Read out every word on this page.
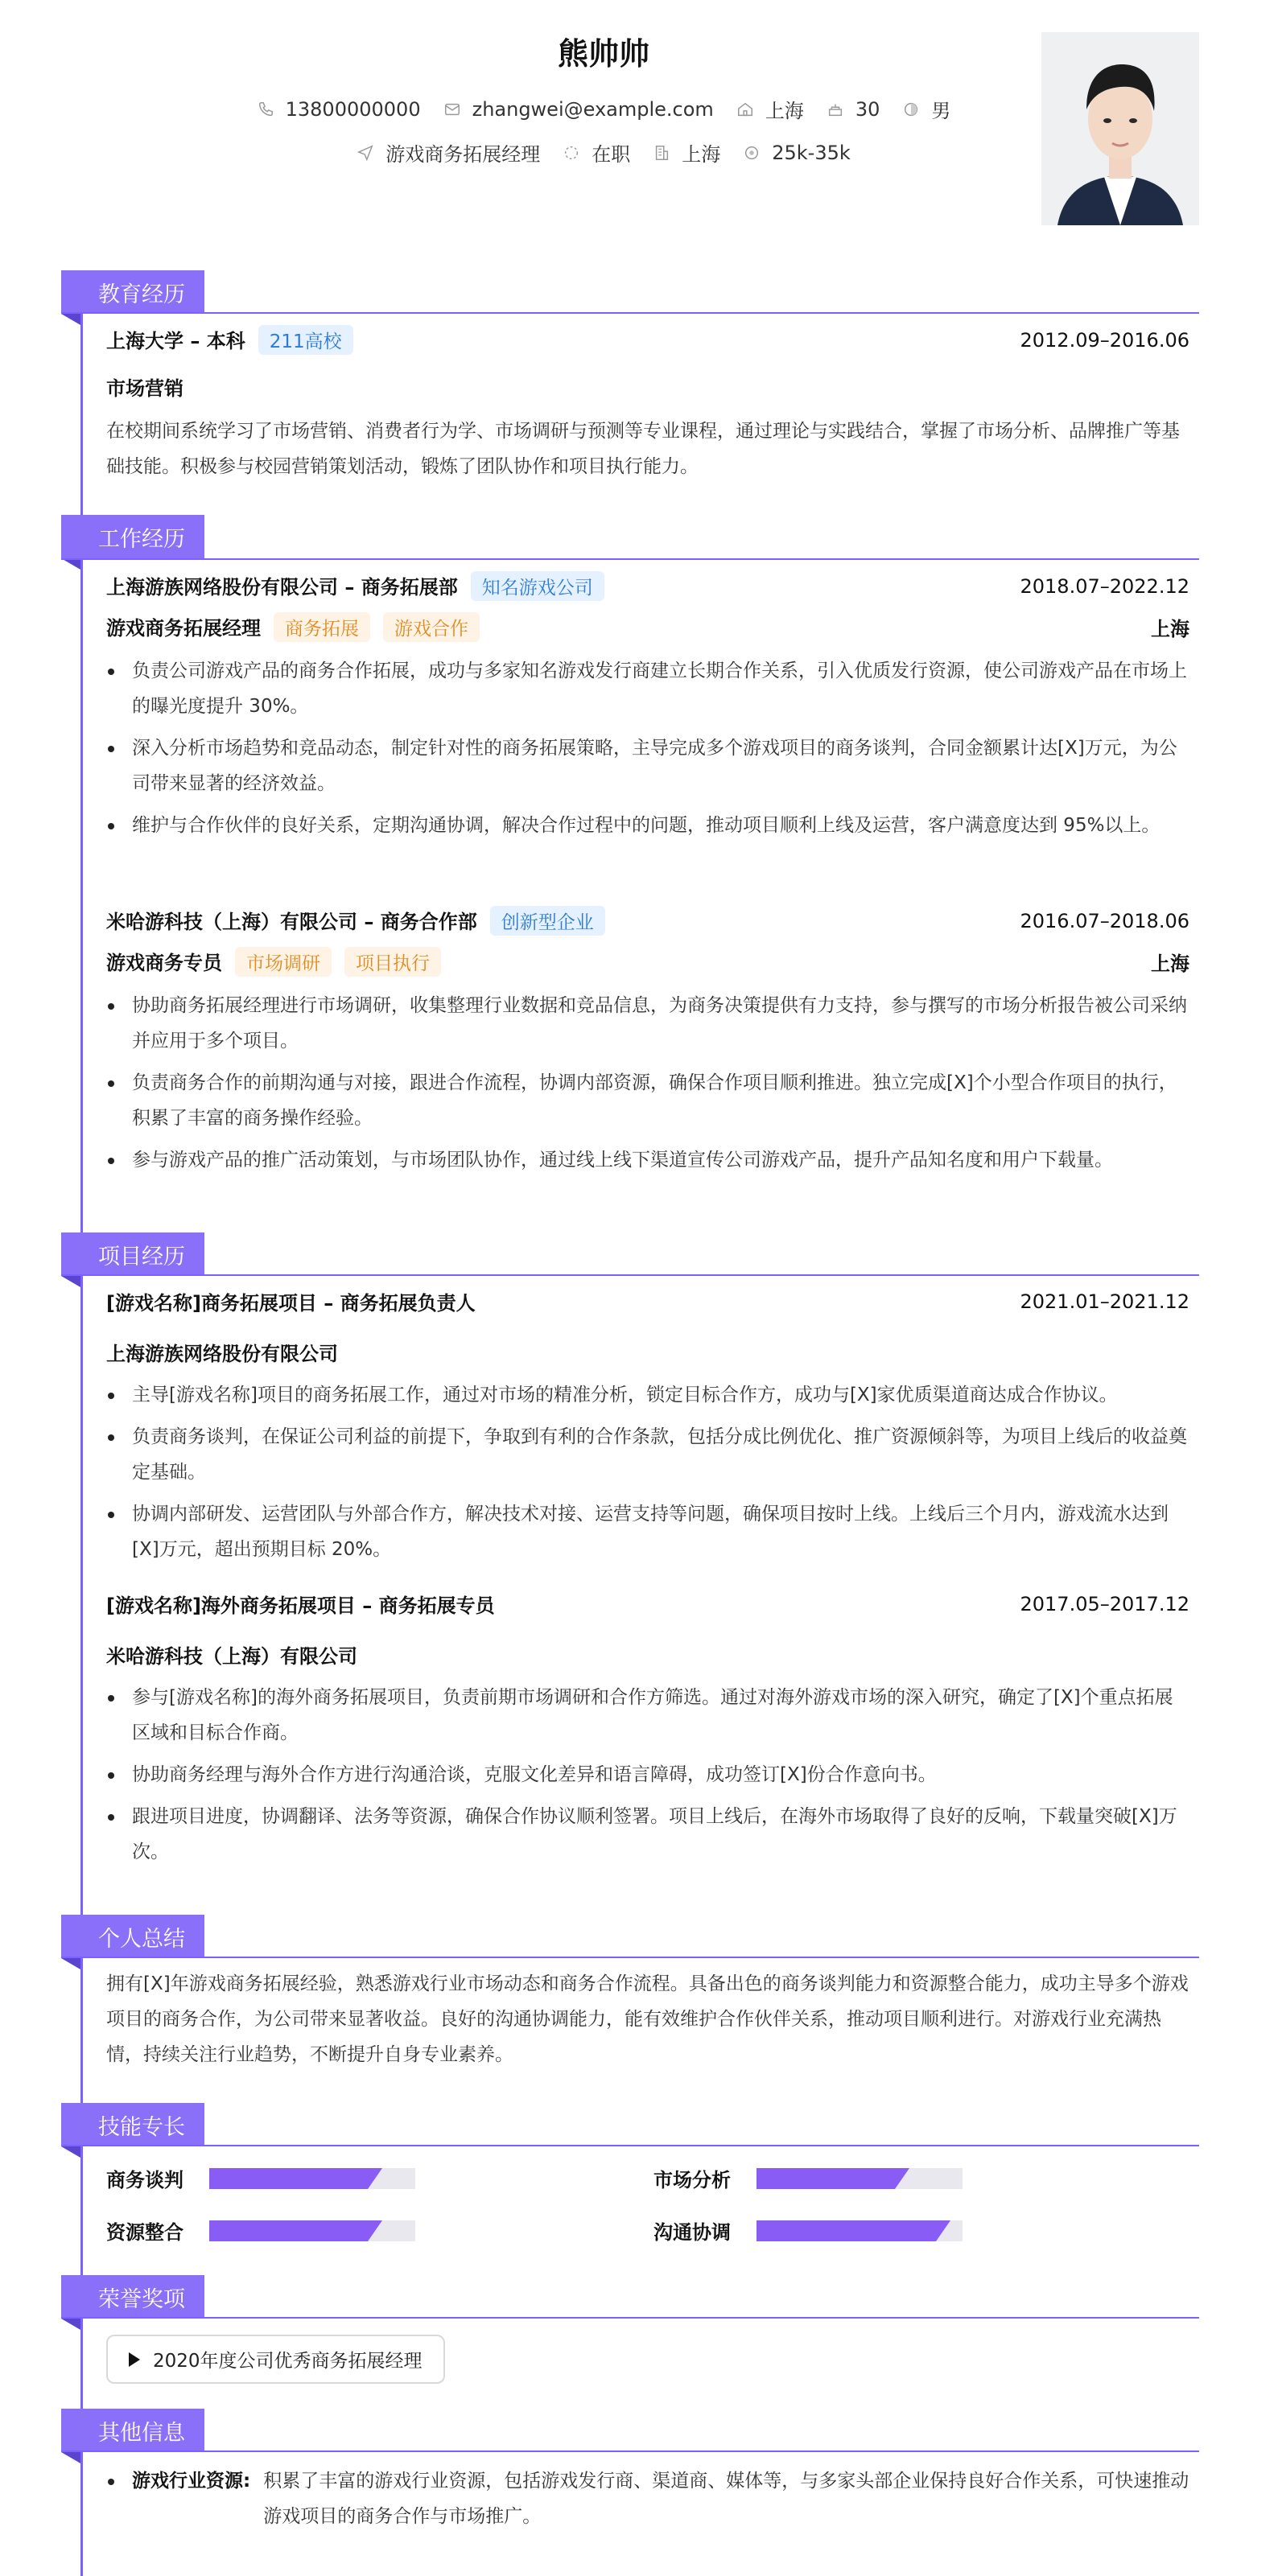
熊帅帅
13800000000	zhangwei@example.com	上海	30	男
游戏商务拓展经理	在职	上海	25k-35k
教育经历
上海大学 – 本科 211高校	2012.09–2016.06
市场营销
在校期间系统学习了市场营销、消费者行为学、市场调研与预测等专业课程，通过理论与实践结合，掌握了市场分析、品牌推广等基础技能。积极参与校园营销策划活动，锻炼了团队协作和项目执行能力。
工作经历
上海游族网络股份有限公司 – 商务拓展部 知名游戏公司	2018.07–2022.12
游戏商务拓展经理 商务拓展 游戏合作	上海
负责公司游戏产品的商务合作拓展，成功与多家知名游戏发行商建立长期合作关系，引入优质发行资源，使公司游戏产品在市场上的曝光度提升 30%。
深入分析市场趋势和竞品动态，制定针对性的商务拓展策略，主导完成多个游戏项目的商务谈判，合同金额累计达[X]万元，为公司带来显著的经济效益。
维护与合作伙伴的良好关系，定期沟通协调，解决合作过程中的问题，推动项目顺利上线及运营，客户满意度达到 95%以上。
米哈游科技（上海）有限公司 – 商务合作部 创新型企业	2016.07–2018.06
游戏商务专员 市场调研 项目执行	上海
协助商务拓展经理进行市场调研，收集整理行业数据和竞品信息，为商务决策提供有力支持，参与撰写的市场分析报告被公司采纳并应用于多个项目。
负责商务合作的前期沟通与对接，跟进合作流程，协调内部资源，确保合作项目顺利推进。独立完成[X]个小型合作项目的执行，积累了丰富的商务操作经验。
参与游戏产品的推广活动策划，与市场团队协作，通过线上线下渠道宣传公司游戏产品，提升产品知名度和用户下载量。
项目经历
[游戏名称]商务拓展项目 – 商务拓展负责人	2021.01–2021.12
上海游族网络股份有限公司
主导[游戏名称]项目的商务拓展工作，通过对市场的精准分析，锁定目标合作方，成功与[X]家优质渠道商达成合作协议。
负责商务谈判，在保证公司利益的前提下，争取到有利的合作条款，包括分成比例优化、推广资源倾斜等，为项目上线后的收益奠定基础。
协调内部研发、运营团队与外部合作方，解决技术对接、运营支持等问题，确保项目按时上线。上线后三个月内，游戏流水达到[X]万元，超出预期目标 20%。
[游戏名称]海外商务拓展项目 – 商务拓展专员	2017.05–2017.12
米哈游科技（上海）有限公司
参与[游戏名称]的海外商务拓展项目，负责前期市场调研和合作方筛选。通过对海外游戏市场的深入研究，确定了[X]个重点拓展区域和目标合作商。
协助商务经理与海外合作方进行沟通洽谈，克服文化差异和语言障碍，成功签订[X]份合作意向书。
跟进项目进度，协调翻译、法务等资源，确保合作协议顺利签署。项目上线后，在海外市场取得了良好的反响，下载量突破[X]万次。
个人总结
拥有[X]年游戏商务拓展经验，熟悉游戏行业市场动态和商务合作流程。具备出色的商务谈判能力和资源整合能力，成功主导多个游戏项目的商务合作，为公司带来显著收益。良好的沟通协调能力，能有效维护合作伙伴关系，推动项目顺利进行。对游戏行业充满热情，持续关注行业趋势，不断提升自身专业素养。
技能专长
商务谈判	市场分析
资源整合	沟通协调
荣誉奖项
2020年度公司优秀商务拓展经理
其他信息
游戏行业资源: 积累了丰富的游戏行业资源，包括游戏发行商、渠道商、媒体等，与多家头部企业保持良好合作关系，可快速推动游戏项目的商务合作与市场推广。
